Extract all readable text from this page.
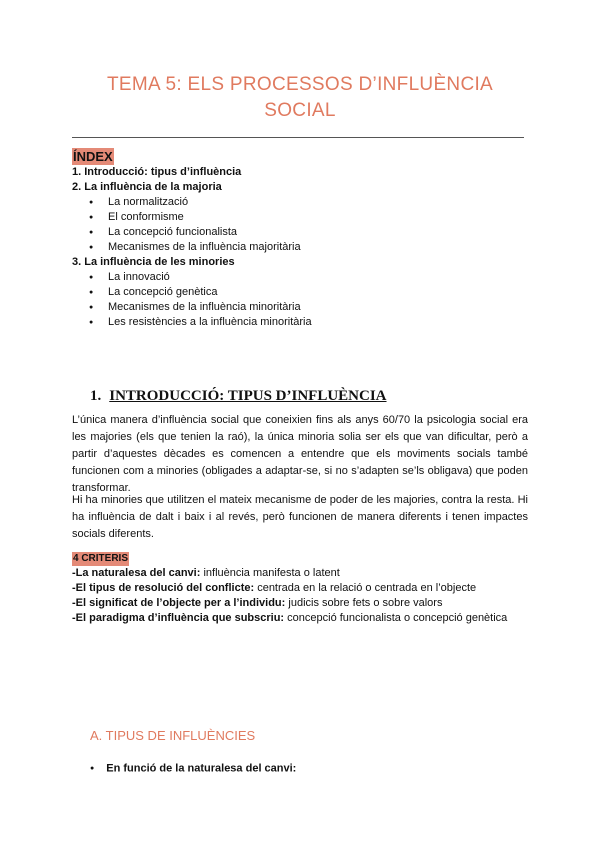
TEMA 5: ELS PROCESSOS D’INFLUÈNCIA
SOCIAL
ÍNDEX

1. Introducció: tipus d’influència

2. La influència de la majoria

● La normalització
● El conformisme
● La concepció funcionalista
● Mecanismes de la influència majoritària

3. La influència de les minories

● La innovació
● La concepció genètica
● Mecanismes de la influència minoritària
● Les resistències a la influència minoritària
1. INTRODUCCIÓ: TIPUS D’INFLUÈNCIA

L’única manera d’influència social que coneixien fins als anys 60/70 la psicologia social era les majories (els que tenien la raó), la única minoria solia ser els que van dificultar, però a partir d’aquestes dècades es comencen a entendre que els moviments socials també funcionen com a minories (obligades a adaptar-se, si no s’adapten se’ls obligava) que poden transformar.

Hi ha minories que utilitzen el mateix mecanisme de poder de les majories, contra la resta. Hi ha influència de dalt i baix i al revés, però funcionen de manera diferents i tenen impactes socials diferents.

4 CRITERIS

-La naturalesa del canvi: influència manifesta o latent

-El tipus de resolució del conflicte: centrada en la relació o centrada en l’objecte

-El significat de l’objecte per a l’individu: judicis sobre fets o sobre valors

-El paradigma d’influència que subscriu: concepció funcionalista o concepció genètica

A. TIPUS DE INFLUÈNCIES
● En funció de la naturalesa del canvi:
